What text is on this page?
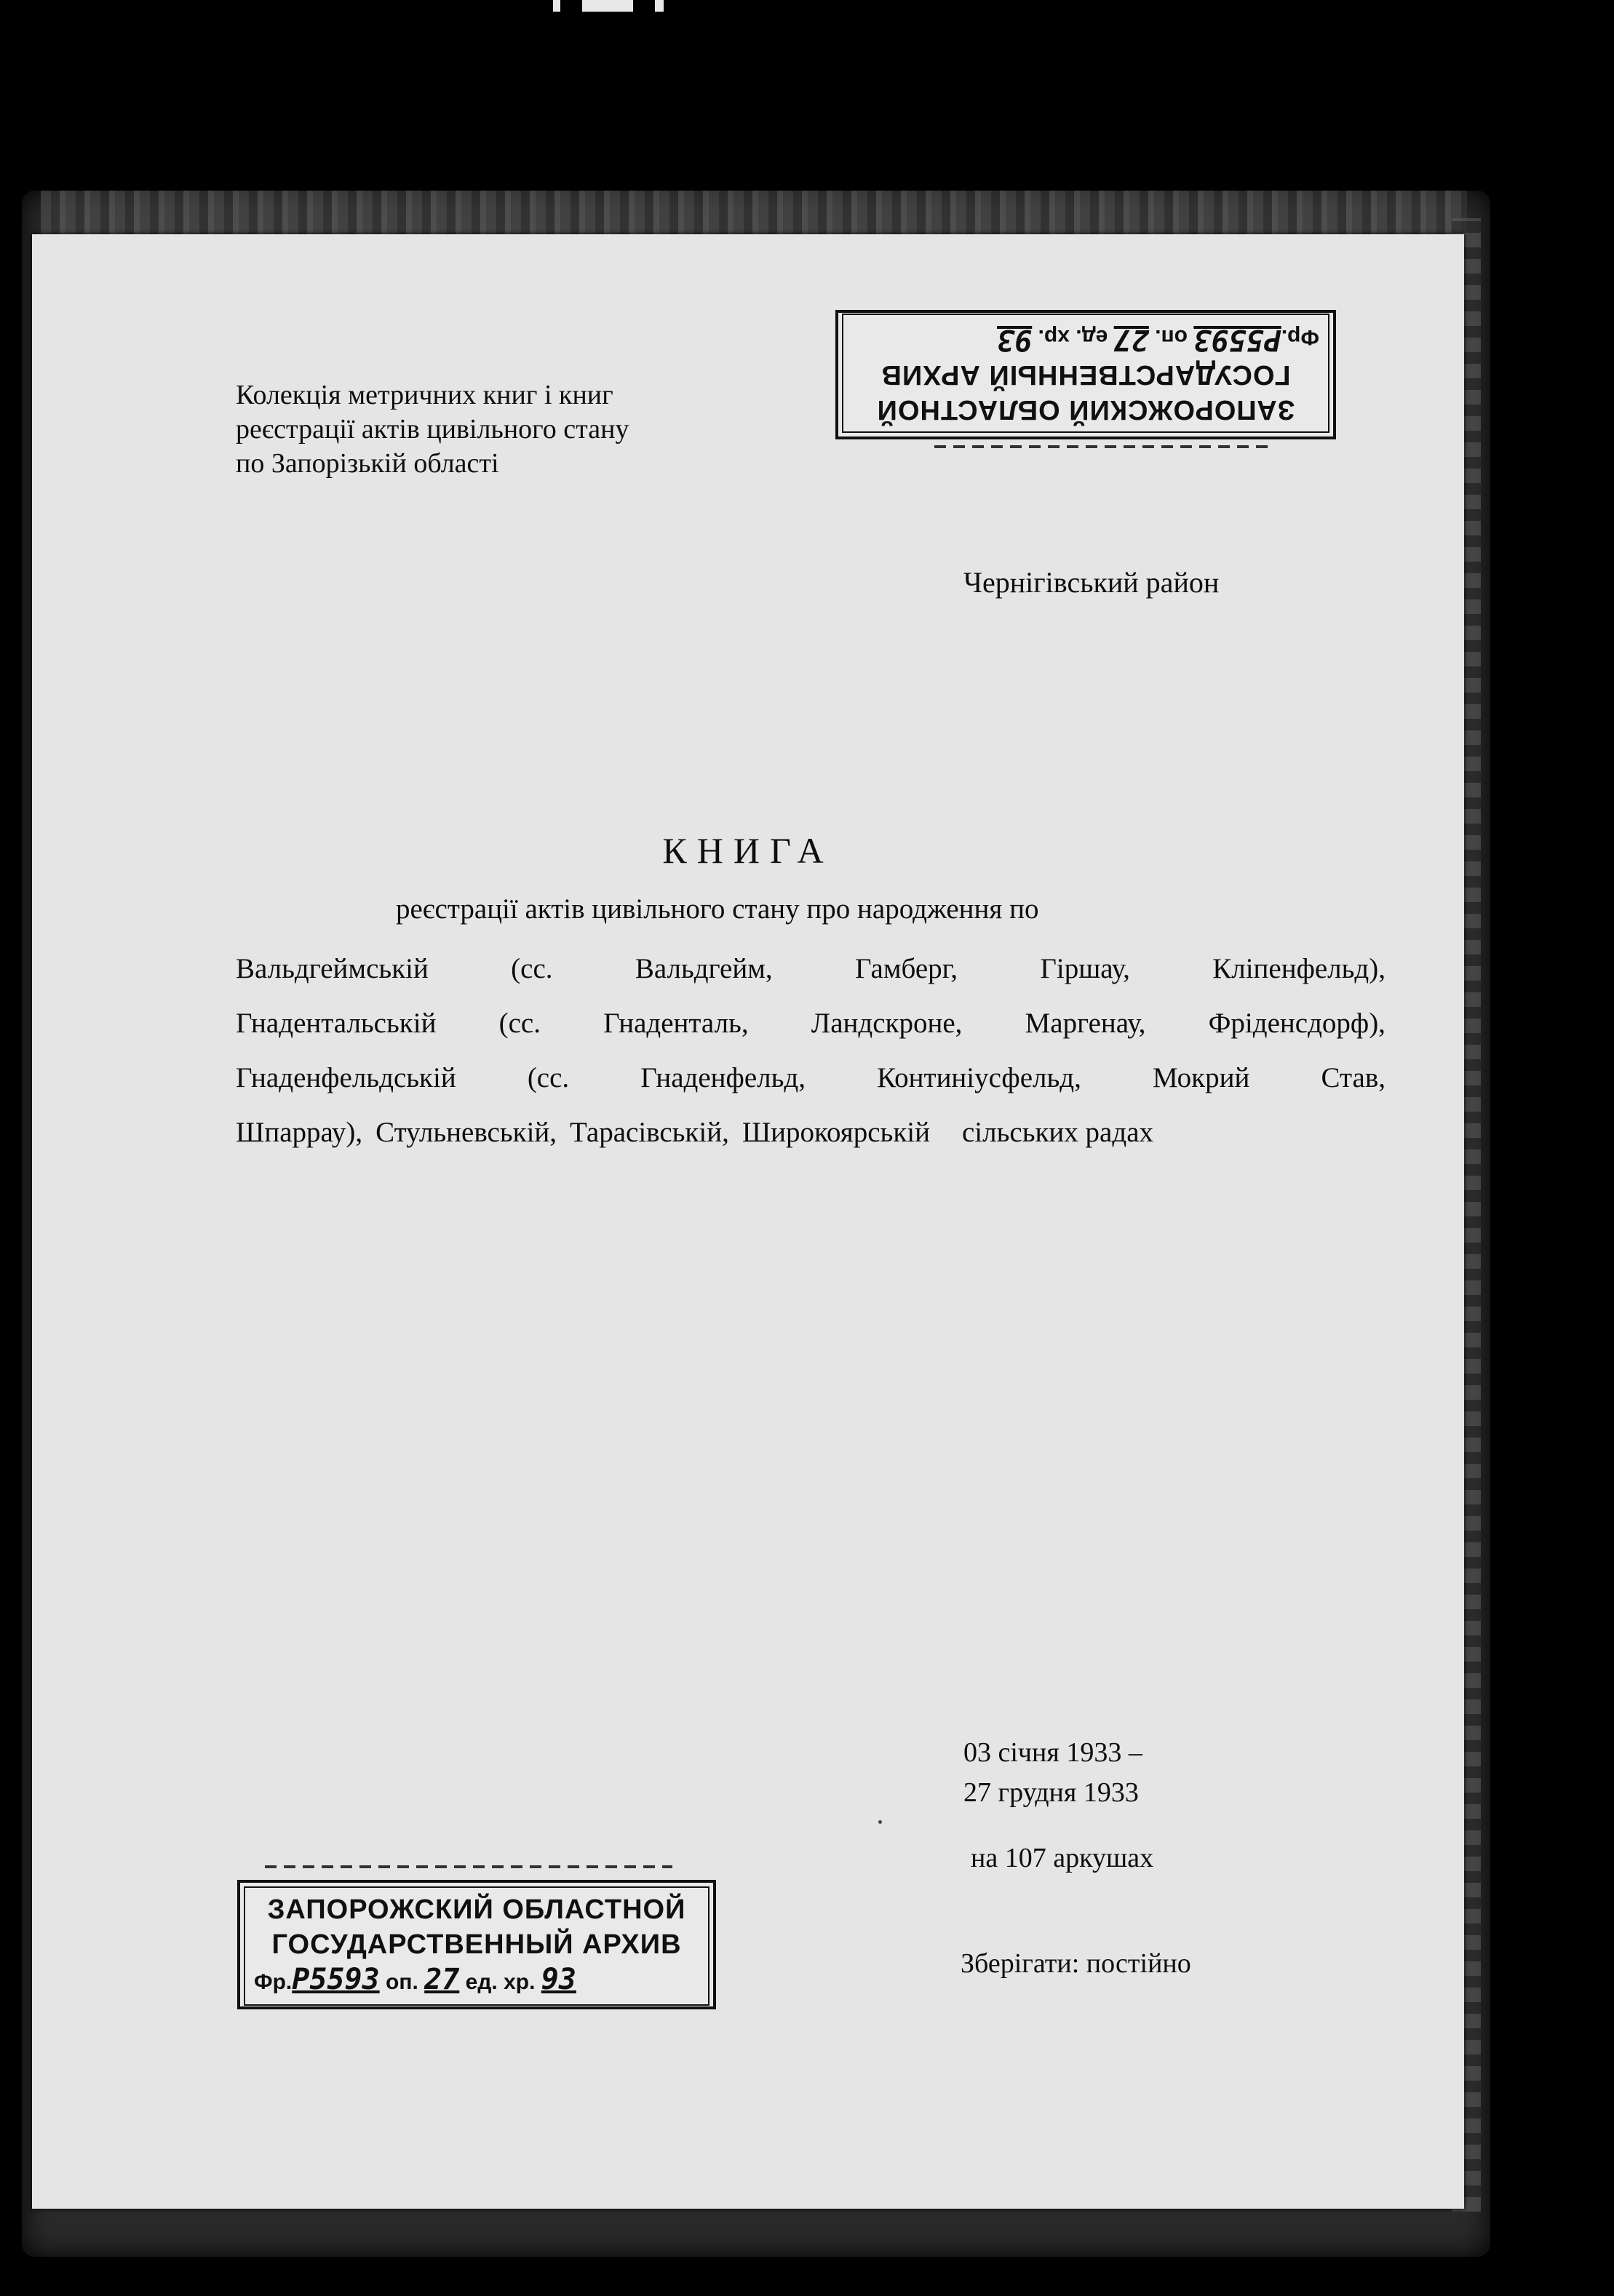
ЗАПОРОЖСКИЙ ОБЛАСТНОЙ
ГОСУДАРСТВЕННЫЙ АРХИВ
Фр.Р5593 оп. 27 ед. хр. 93
Колекція метричних книг і книг
реєстрації актів цивільного стану
по Запорізькій області
Чернігівський район
КНИГА
реєстрації актів цивільного стану про народження по
Вальдгеймській	(сс.	Вальдгейм,	Гамберг,	Гіршау,	Кліпенфельд),
Гнадентальській (сс. Гнаденталь, Ландскроне, Маргенау, Фріденсдорф),
Гнаденфельдській	(сс.	Гнаденфельд,	Континіусфельд,	Мокрий	Став,
Шпаррау), Стульневській, Тарасівській, Широкоярській сільських радах
03 січня 1933 –
27 грудня 1933
на 107 аркушах
Зберігати: постійно
ЗАПОРОЖСКИЙ ОБЛАСТНОЙ
ГОСУДАРСТВЕННЫЙ АРХИВ
Фр.Р5593 оп. 27 ед. хр. 93
